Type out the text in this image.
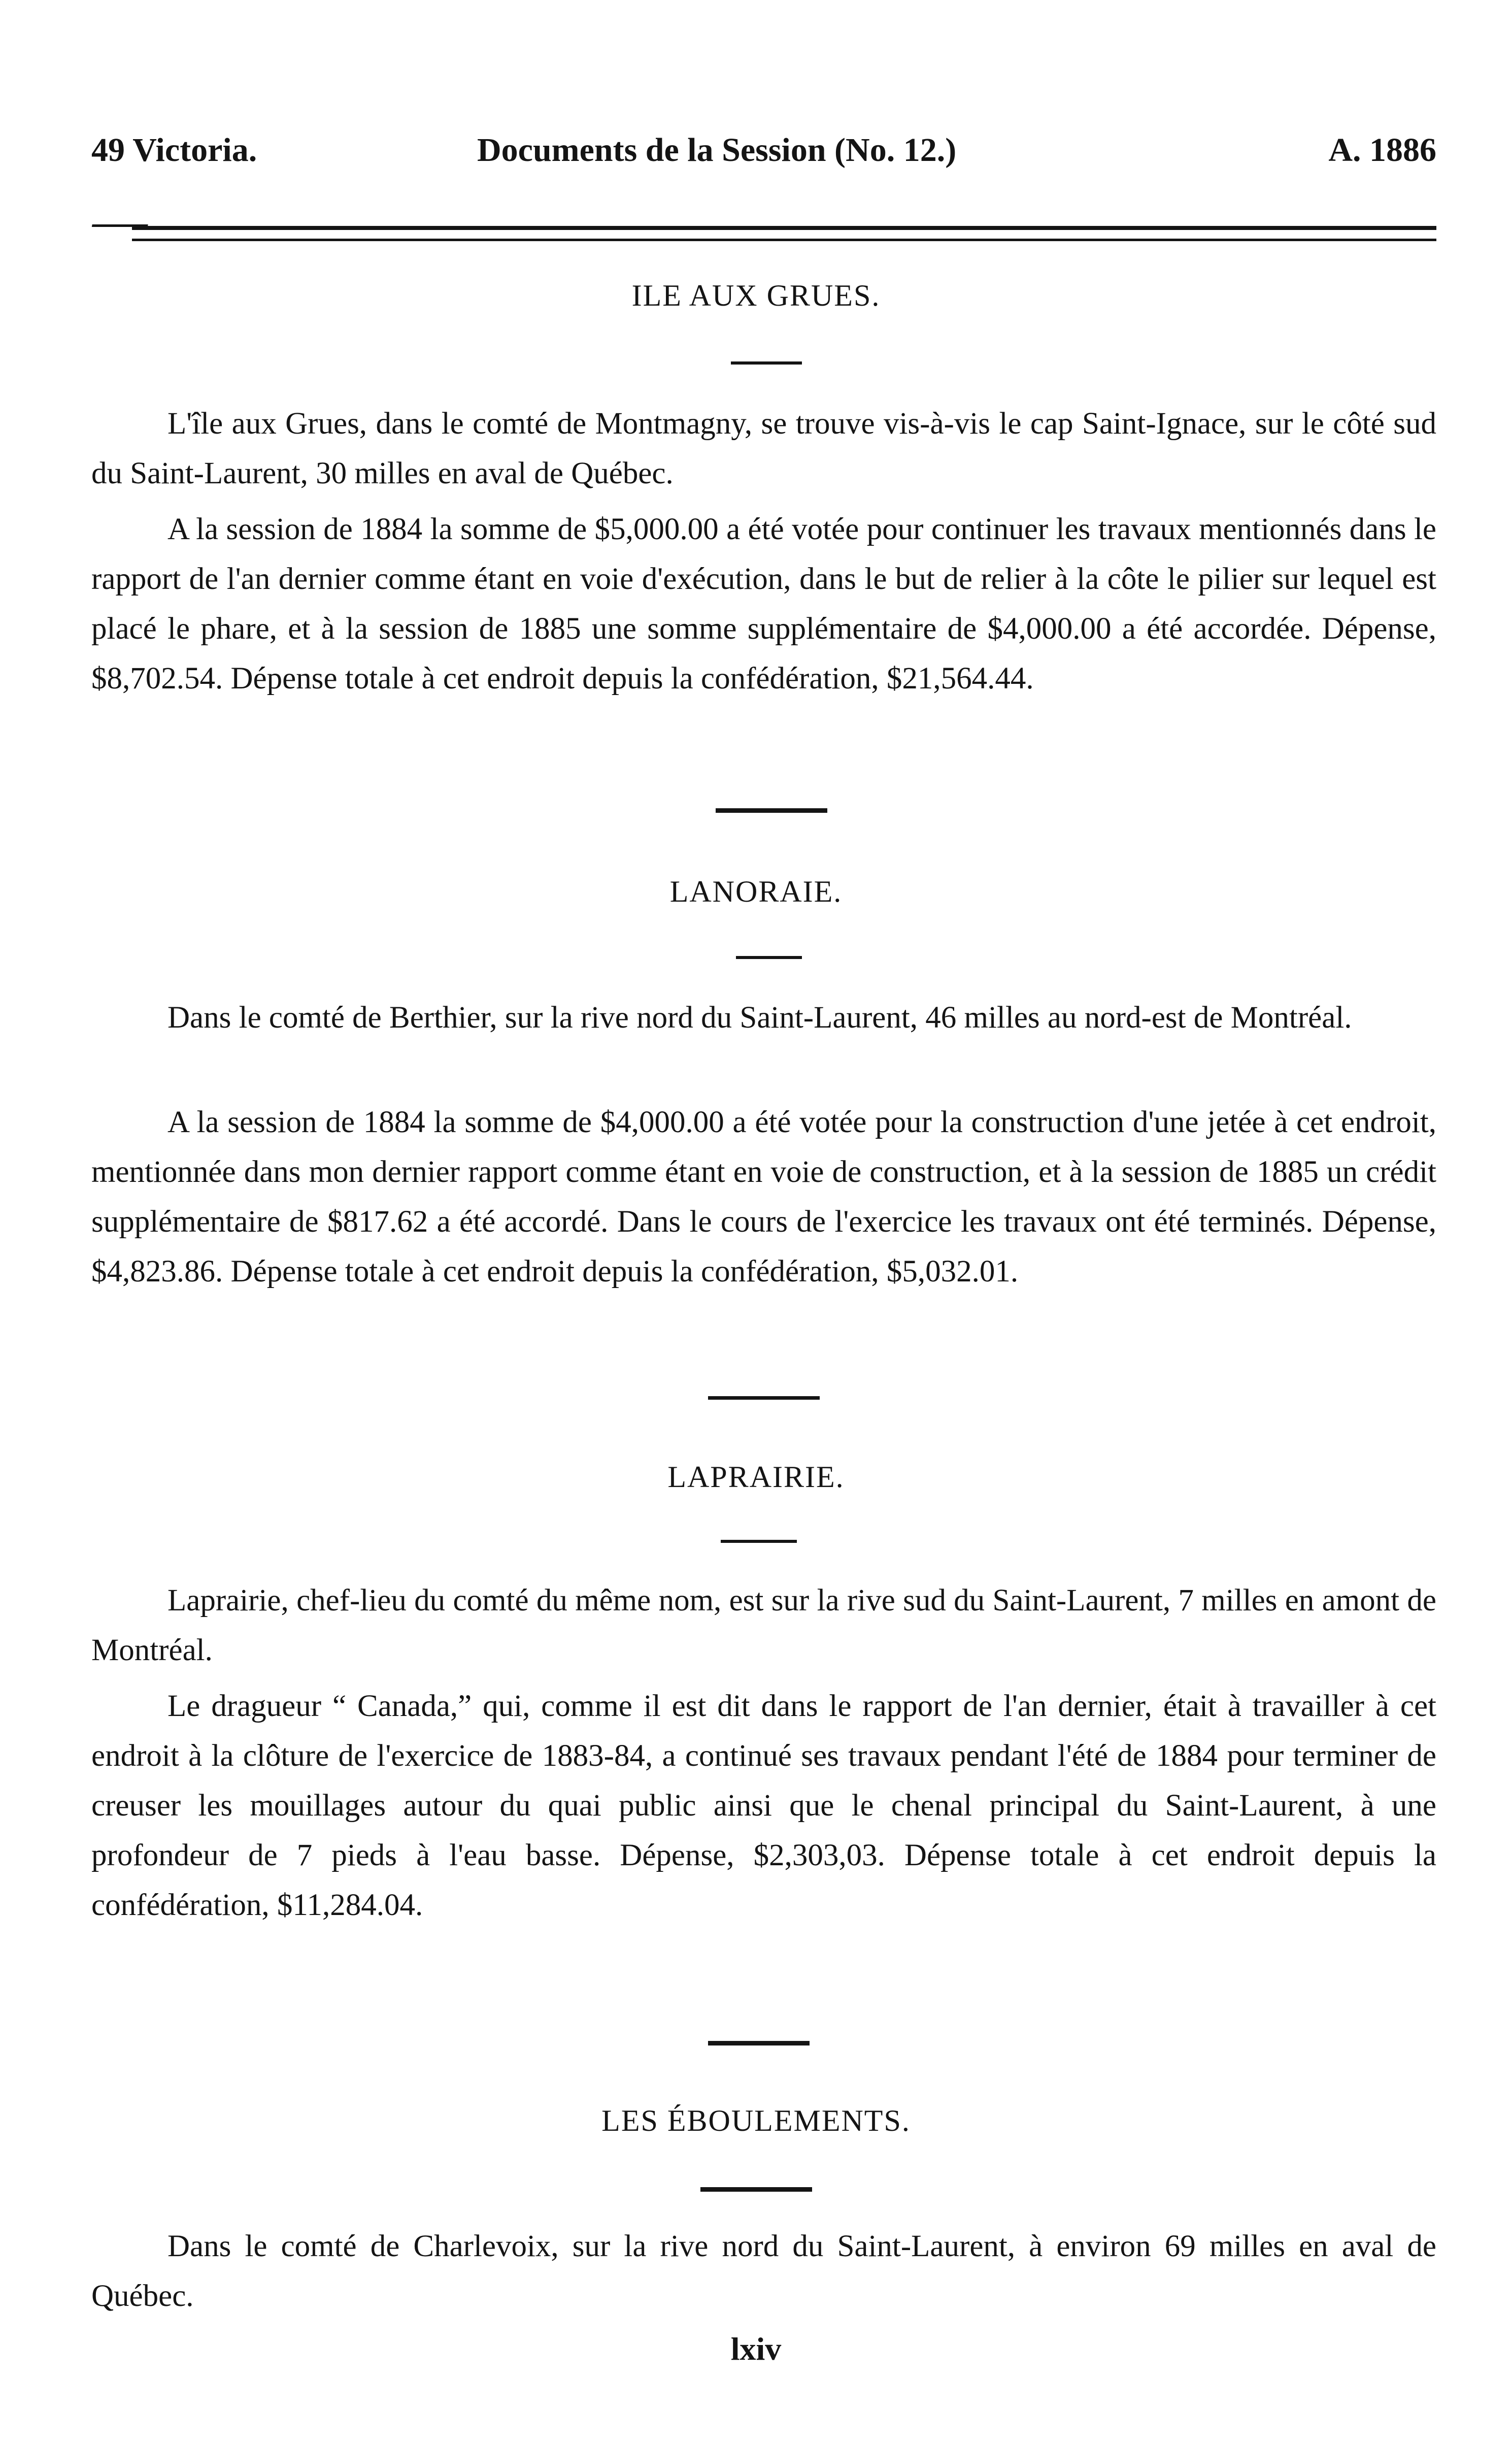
49 Victoria.	Documents de la Session (No. 12.)	A. 1886
ILE AUX GRUES.
L'île aux Grues, dans le comté de Montmagny, se trouve vis-à-vis le cap Saint-Ignace, sur le côté sud du Saint-Laurent, 30 milles en aval de Québec.
A la session de 1884 la somme de $5,000.00 a été votée pour continuer les travaux mentionnés dans le rapport de l'an dernier comme étant en voie d'exécution, dans le but de relier à la côte le pilier sur lequel est placé le phare, et à la session de 1885 une somme supplémentaire de $4,000.00 a été accordée. Dépense, $8,702.54. Dépense totale à cet endroit depuis la confédération, $21,564.44.
LANORAIE.
Dans le comté de Berthier, sur la rive nord du Saint-Laurent, 46 milles au nord-est de Montréal.
A la session de 1884 la somme de $4,000.00 a été votée pour la construction d'une jetée à cet endroit, mentionnée dans mon dernier rapport comme étant en voie de construction, et à la session de 1885 un crédit supplémentaire de $817.62 a été accordé. Dans le cours de l'exercice les travaux ont été terminés. Dépense, $4,823.86. Dépense totale à cet endroit depuis la confédération, $5,032.01.
LAPRAIRIE.
Laprairie, chef-lieu du comté du même nom, est sur la rive sud du Saint-Laurent, 7 milles en amont de Montréal.
Le dragueur “ Canada,” qui, comme il est dit dans le rapport de l'an dernier, était à travailler à cet endroit à la clôture de l'exercice de 1883-84, a continué ses travaux pendant l'été de 1884 pour terminer de creuser les mouillages autour du quai public ainsi que le chenal principal du Saint-Laurent, à une profondeur de 7 pieds à l'eau basse. Dépense, $2,303,03. Dépense totale à cet endroit depuis la confédération, $11,284.04.
LES ÉBOULEMENTS.
Dans le comté de Charlevoix, sur la rive nord du Saint-Laurent, à environ 69 milles en aval de Québec.
lxiv
